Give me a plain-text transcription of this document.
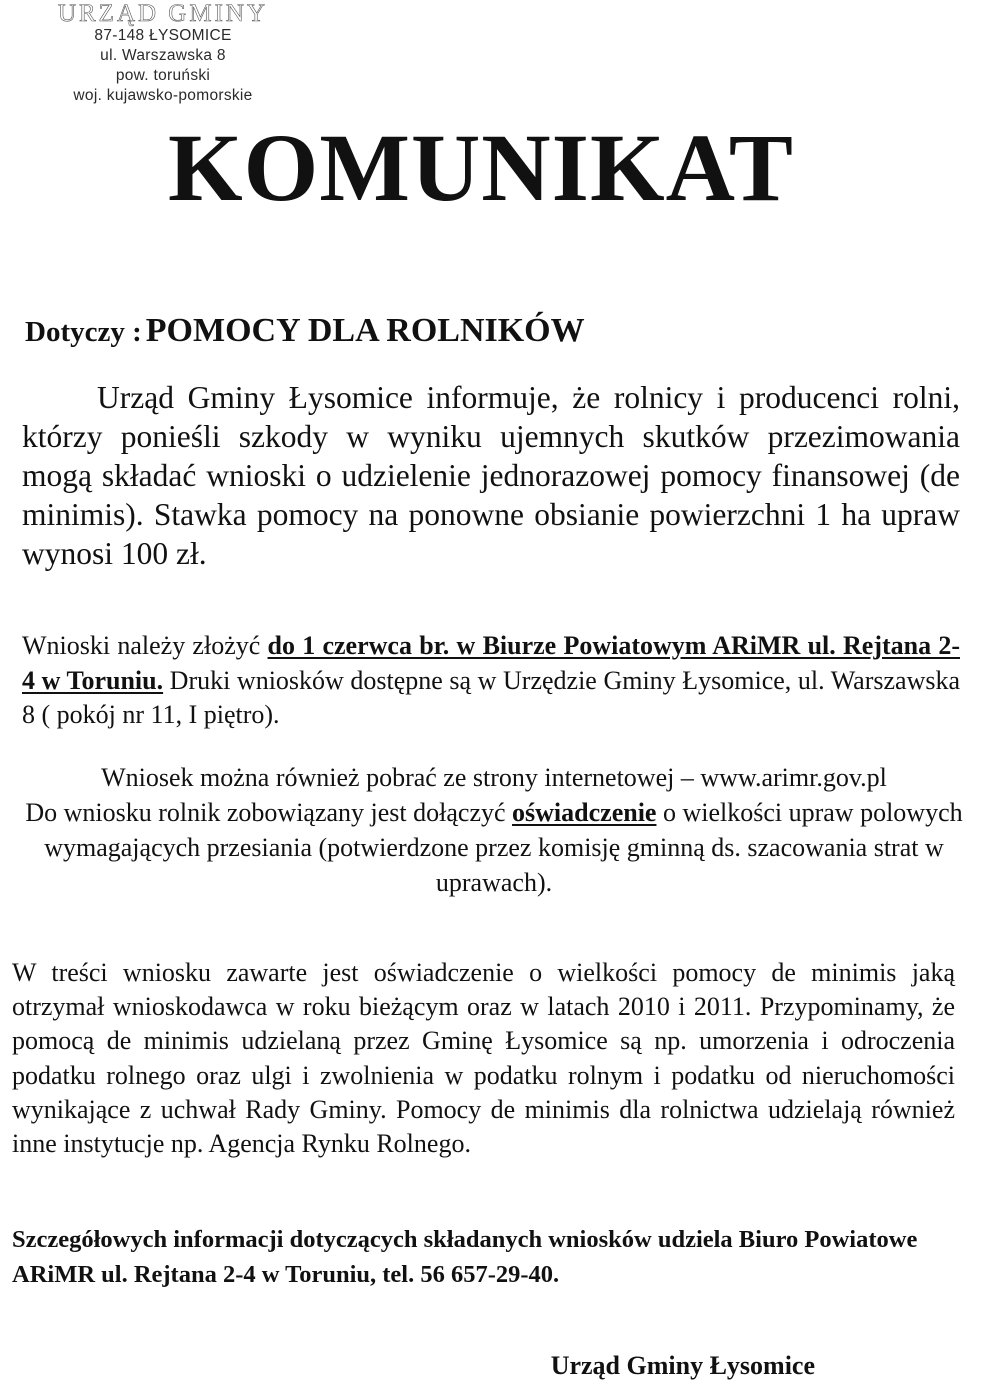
URZĄD GMINY
87-148 ŁYSOMICE
ul. Warszawska 8
pow. toruński
woj. kujawsko-pomorskie
KOMUNIKAT
Dotyczy : POMOCY DLA ROLNIKÓW

Urząd Gminy Łysomice informuje, że rolnicy i producenci rolni, którzy ponieśli szkody w wyniku ujemnych skutków przezimowania mogą składać wnioski o udzielenie jednorazowej pomocy finansowej (de minimis). Stawka pomocy na ponowne obsianie powierzchni 1 ha upraw wynosi 100 zł.

Wnioski należy złożyć do 1 czerwca br. w Biurze Powiatowym ARiMR ul. Rejtana 2-4 w Toruniu. Druki wniosków dostępne są w Urzędzie Gminy Łysomice, ul. Warszawska 8 ( pokój nr 11, I piętro).

Wniosek można również pobrać ze strony internetowej – www.arimr.gov.pl
Do wniosku rolnik zobowiązany jest dołączyć oświadczenie o wielkości upraw polowych wymagających przesiania (potwierdzone przez komisję gminną ds. szacowania strat w uprawach).

W treści wniosku zawarte jest oświadczenie o wielkości pomocy de minimis jaką otrzymał wnioskodawca w roku bieżącym oraz w latach 2010 i 2011. Przypominamy, że pomocą de minimis udzielaną przez Gminę Łysomice są np. umorzenia i odroczenia podatku rolnego oraz ulgi i zwolnienia w podatku rolnym i podatku od nieruchomości wynikające z uchwał Rady Gminy. Pomocy de minimis dla rolnictwa udzielają również inne instytucje np. Agencja Rynku Rolnego.

Szczegółowych informacji dotyczących składanych wniosków udziela Biuro Powiatowe ARiMR ul. Rejtana 2-4 w Toruniu, tel. 56 657-29-40.

Urząd Gminy Łysomice
